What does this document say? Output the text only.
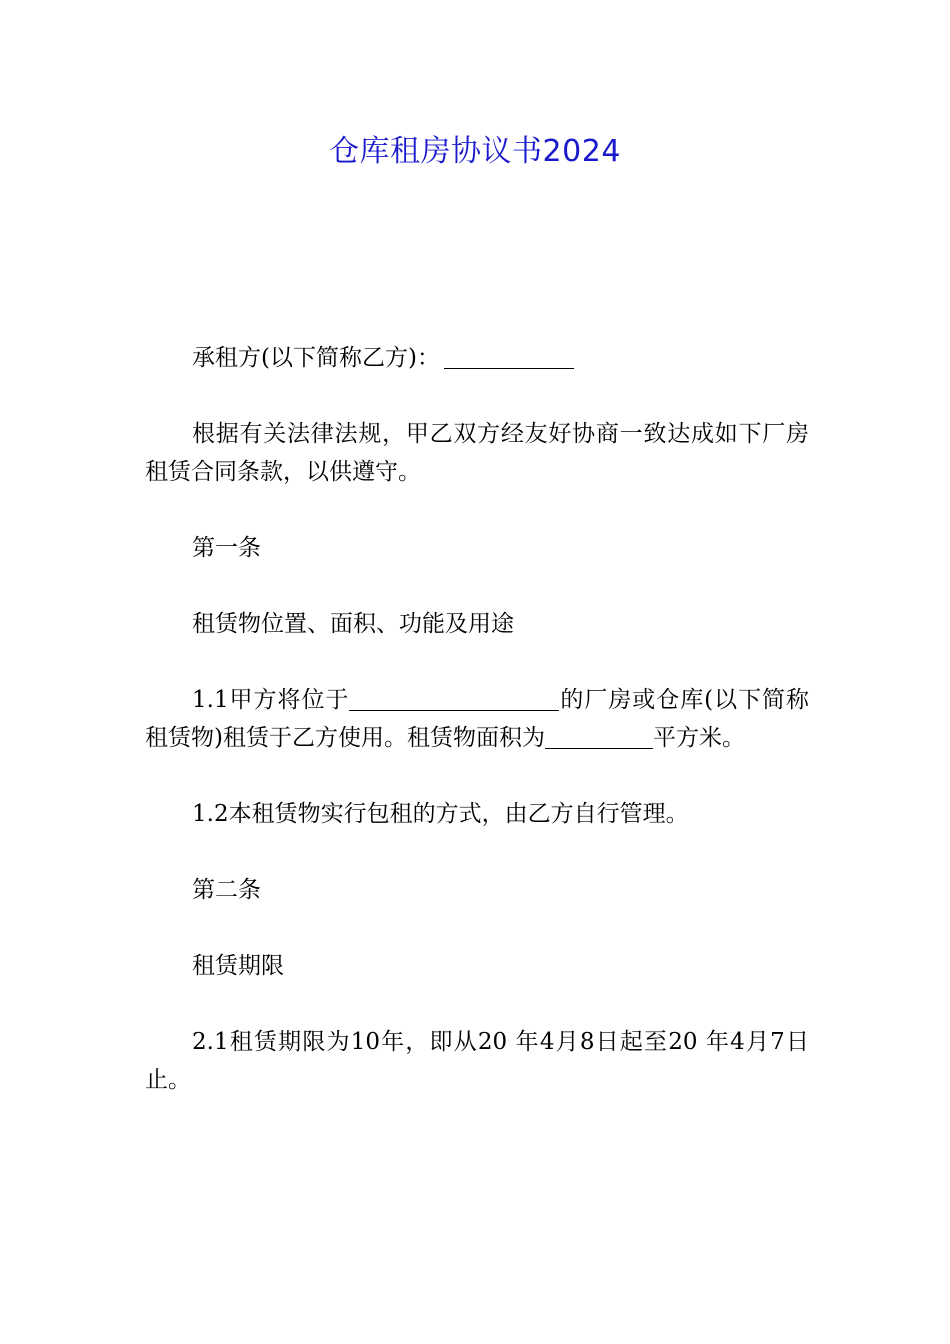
仓库租房协议书2024

承租方(以下简称乙方)：

根据有关法律法规，甲乙双方经友好协商一致达成如下厂房租赁合同条款，以供遵守。

第一条

租赁物位置、面积、功能及用途

1.1甲方将位于	的厂房或仓库(以下简称租赁物)租赁于乙方使用。租赁物面积为	平方米。

1.2本租赁物实行包租的方式，由乙方自行管理。

第二条

租赁期限

2.1租赁期限为10年，即从20 年4月8日起至20 年4月7日止。
